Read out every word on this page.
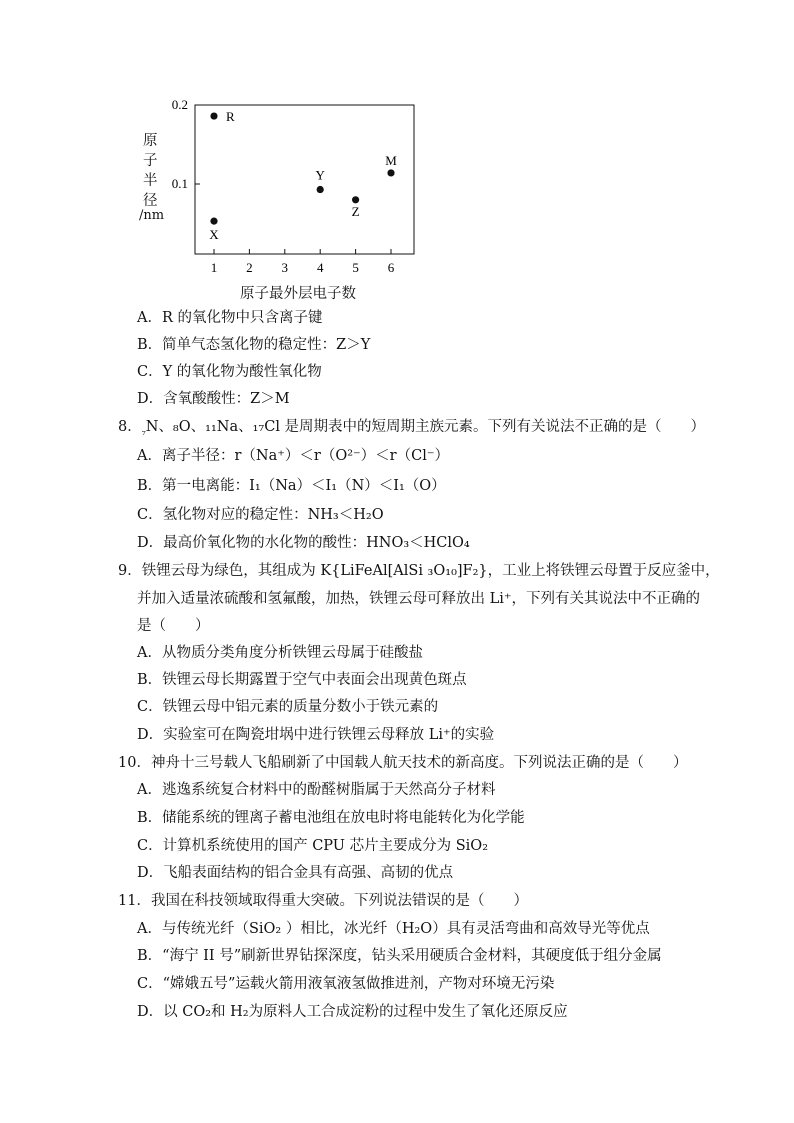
0.2
0.1
1 2 3 4 5 6
R
X
Y
Z
M
原
子
半
径
/nm
原子最外层电子数
A．R 的氧化物中只含离子键
B．简单气态氢化物的稳定性：Z＞Y
C．Y 的氧化物为酸性氧化物
D．含氧酸酸性：Z＞M
8．$_{_7}$N、₈O、₁₁Na、₁₇Cl 是周期表中的短周期主族元素。下列有关说法不正确的是（　　）
A．离子半径：r（Na⁺）＜r（O²⁻）＜r（Cl⁻）
B．第一电离能：I₁（Na）＜I₁（N）＜I₁（O）
C．氢化物对应的稳定性：NH₃＜H₂O
D．最高价氧化物的水化物的酸性：HNO₃＜HClO₄
9．铁锂云母为绿色，其组成为 K{LiFeAl[AlSi ₃O₁₀]F₂}，工业上将铁锂云母置于反应釜中，
并加入适量浓硫酸和氢氟酸，加热，铁锂云母可释放出 Li⁺，下列有关其说法中不正确的
是（　　）
A．从物质分类角度分析铁锂云母属于硅酸盐
B．铁锂云母长期露置于空气中表面会出现黄色斑点
C．铁锂云母中铝元素的质量分数小于铁元素的
D．实验室可在陶瓷坩埚中进行铁锂云母释放 Li⁺的实验
10．神舟十三号载人飞船刷新了中国载人航天技术的新高度。下列说法正确的是（　　）
A．逃逸系统复合材料中的酚醛树脂属于天然高分子材料
B．储能系统的锂离子蓄电池组在放电时将电能转化为化学能
C．计算机系统使用的国产 CPU 芯片主要成分为 SiO₂
D．飞船表面结构的铝合金具有高强、高韧的优点
11．我国在科技领域取得重大突破。下列说法错误的是（　　）
A．与传统光纤（SiO₂ ）相比，冰光纤（H₂O）具有灵活弯曲和高效导光等优点
B．“海宁 II 号”刷新世界钻探深度，钻头采用硬质合金材料，其硬度低于组分金属
C．“嫦娥五号”运载火箭用液氧液氢做推进剂，产物对环境无污染
D．以 CO₂和 H₂为原料人工合成淀粉的过程中发生了氧化还原反应
